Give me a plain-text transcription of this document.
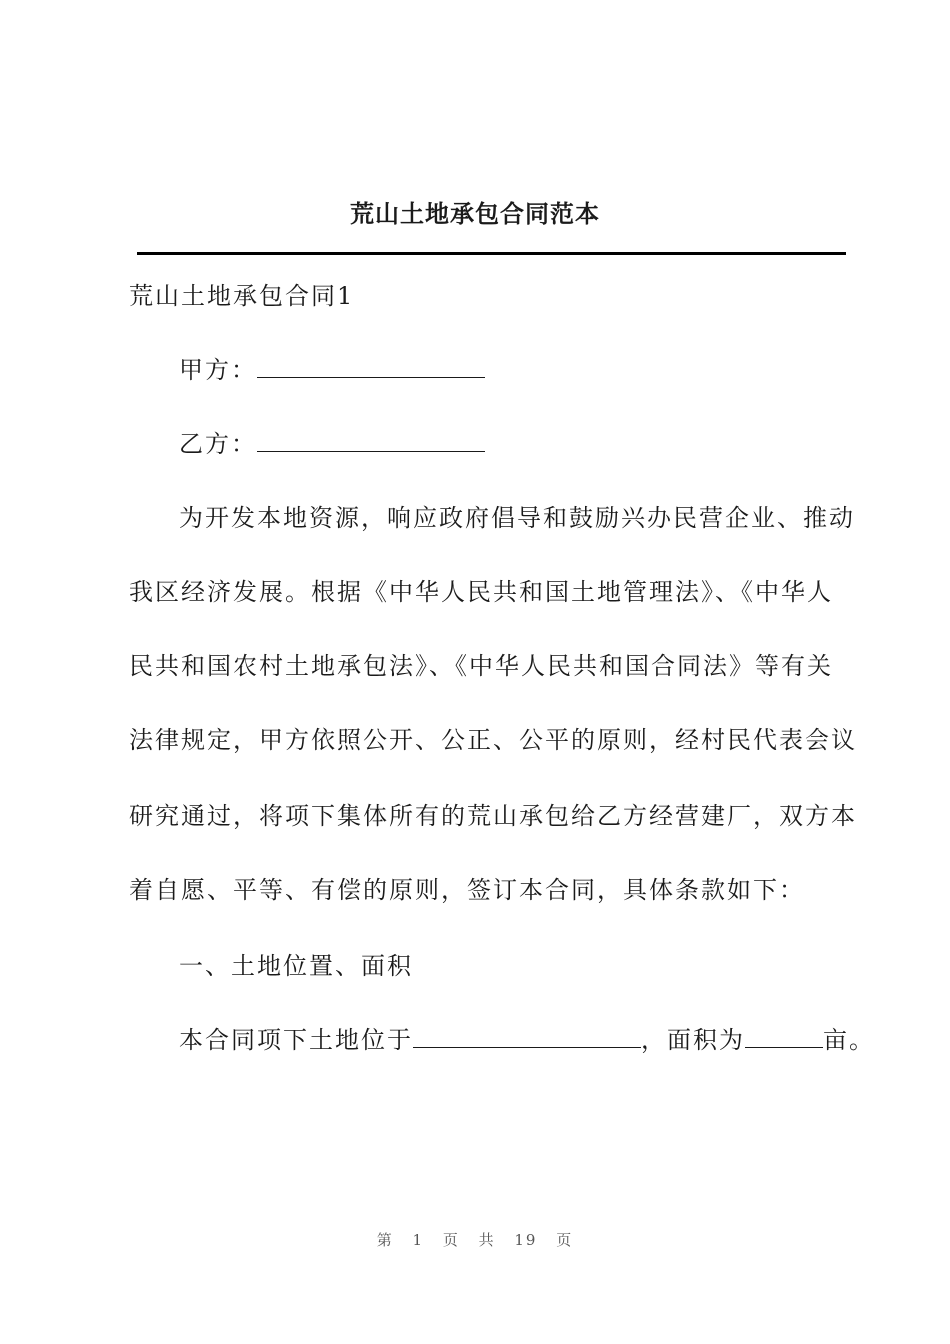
荒山土地承包合同范本
荒山土地承包合同1
甲方：
乙方：
为开发本地资源，响应政府倡导和鼓励兴办民营企业、推动
我区经济发展。根据《中华人民共和国土地管理法》、《中华人
民共和国农村土地承包法》、《中华人民共和国合同法》等有关
法律规定，甲方依照公开、公正、公平的原则，经村民代表会议
研究通过，将项下集体所有的荒山承包给乙方经营建厂，双方本
着自愿、平等、有偿的原则，签订本合同，具体条款如下：
一、土地位置、面积
本合同项下土地位于	，面积为	亩。
第 1 页 共 19 页
